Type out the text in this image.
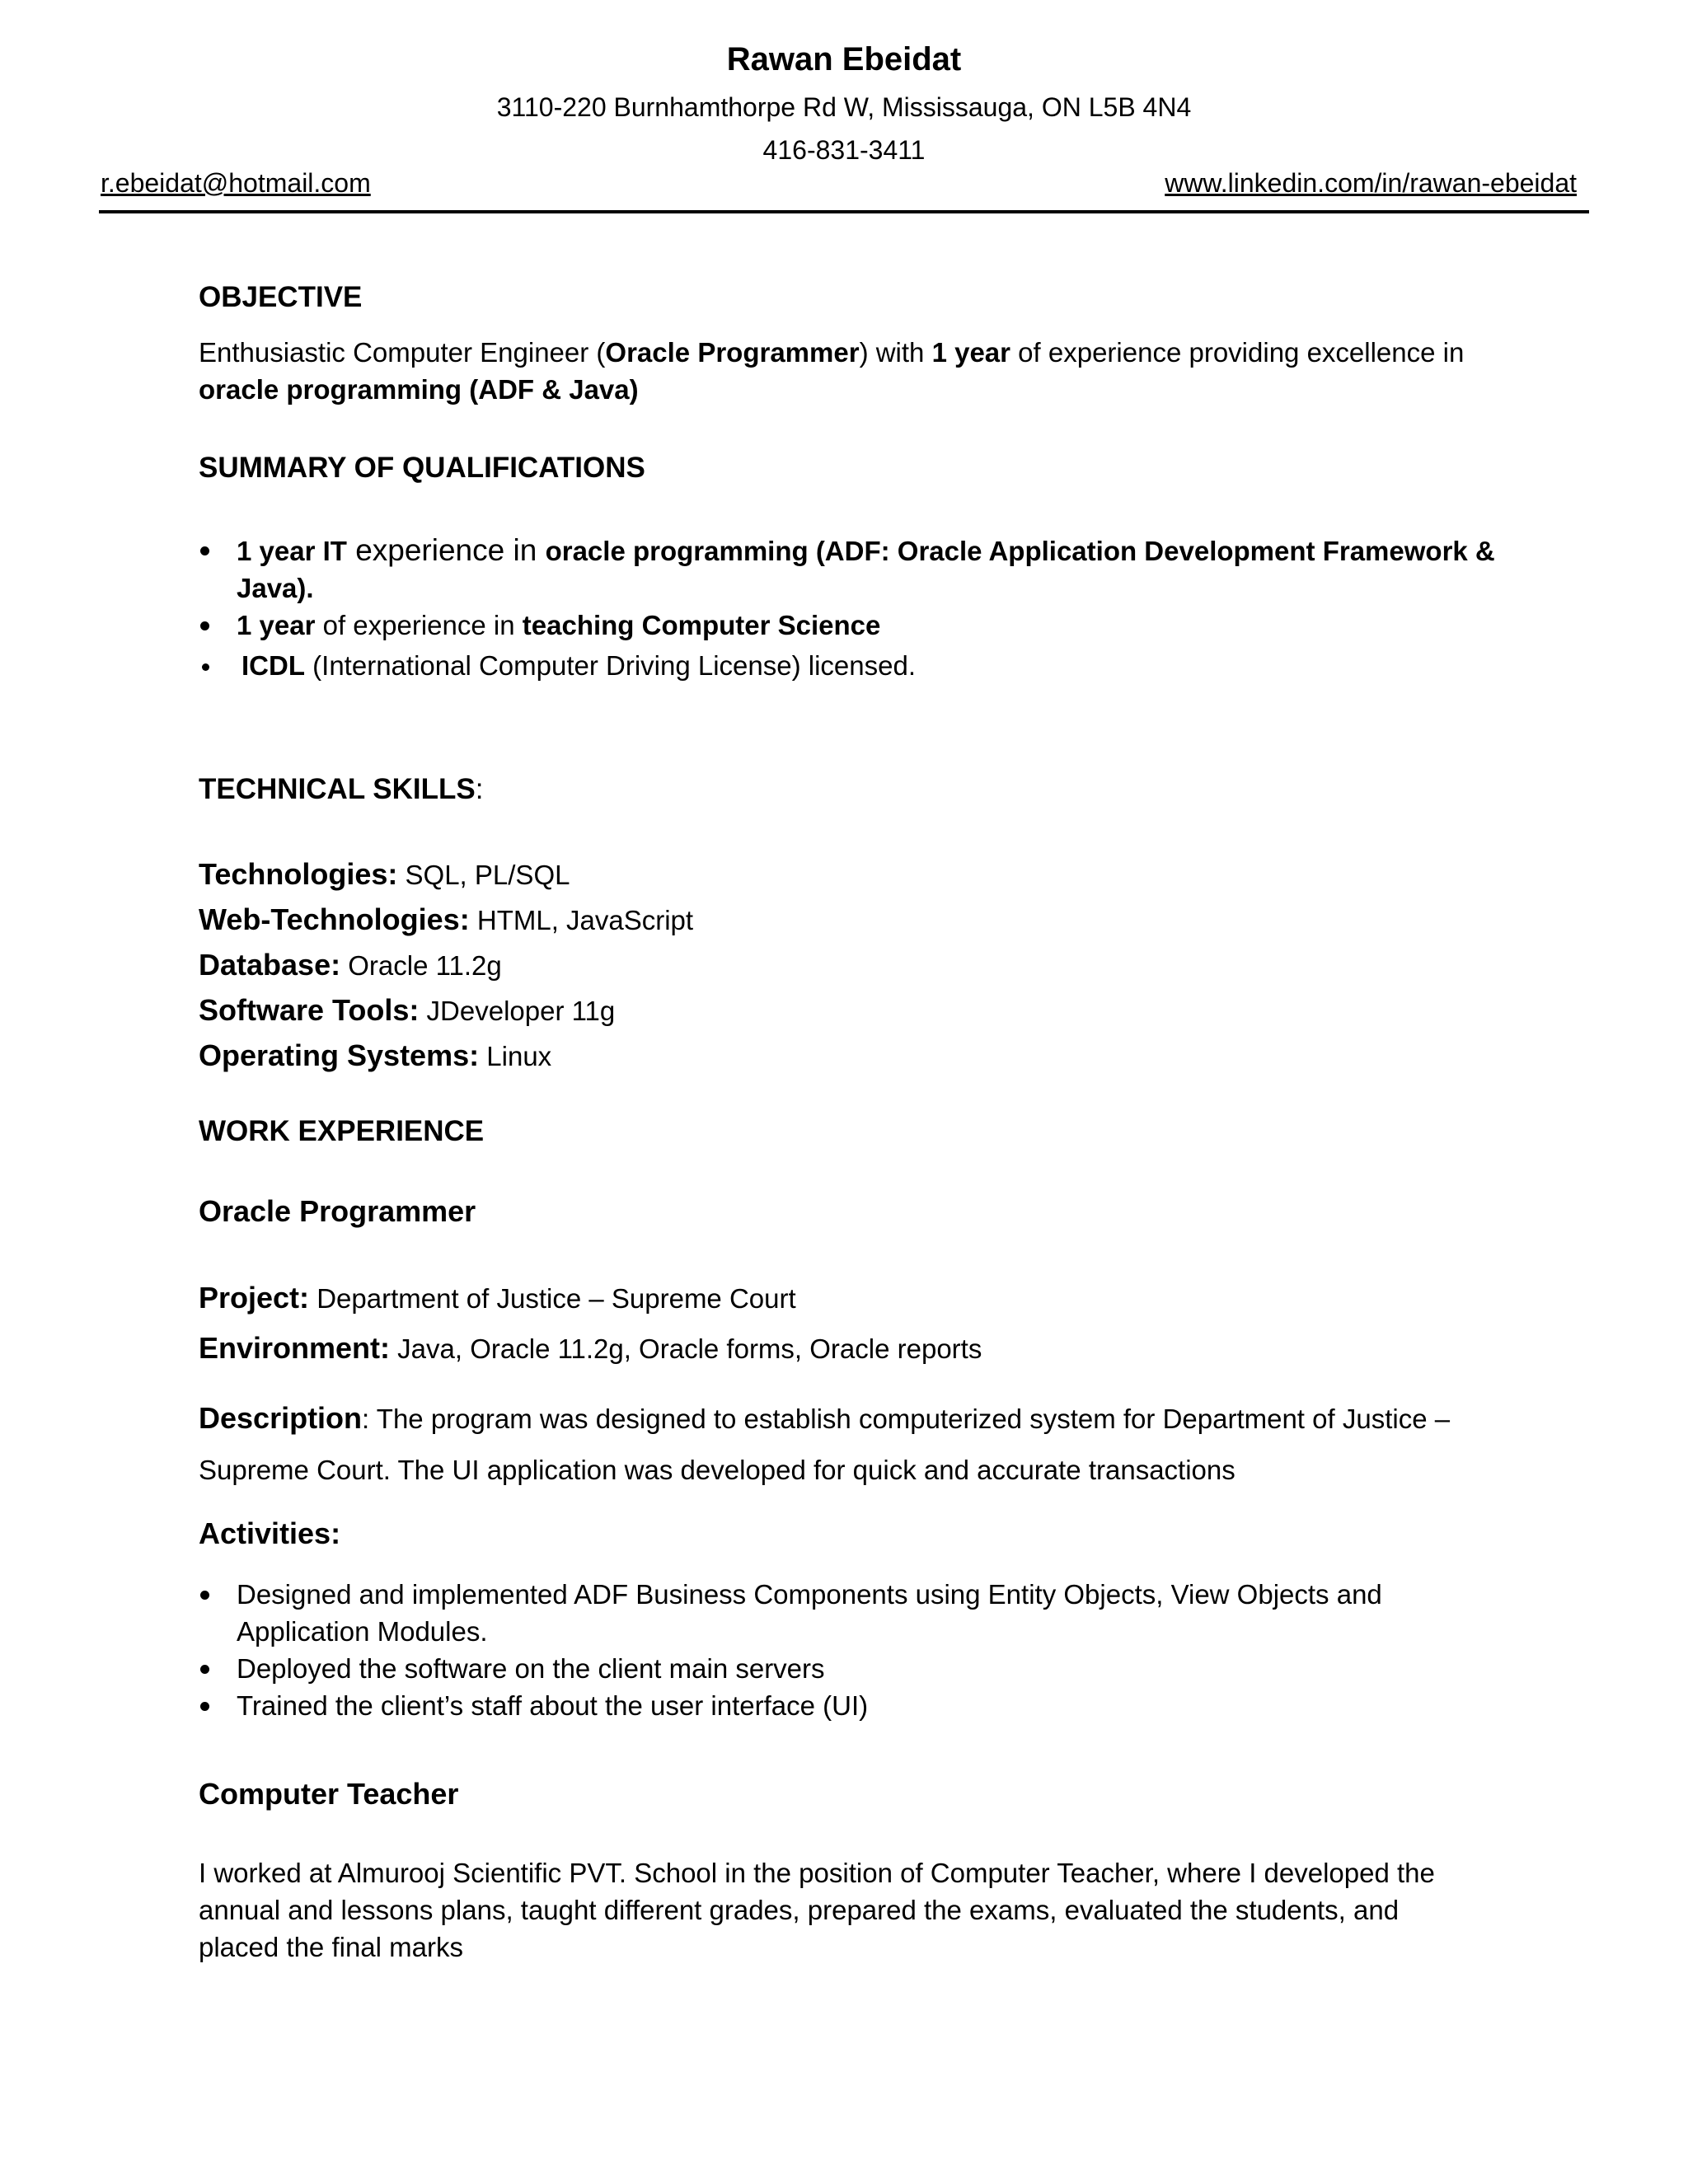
Rawan Ebeidat
3110-220 Burnhamthorpe Rd W, Mississauga, ON L5B 4N4
416-831-3411
r.ebeidat@hotmail.com	www.linkedin.com/in/rawan-ebeidat
OBJECTIVE
Enthusiastic Computer Engineer (Oracle Programmer) with 1 year of experience providing excellence in
oracle programming (ADF & Java)
SUMMARY OF QUALIFICATIONS
1 year IT experience in oracle programming (ADF: Oracle Application Development Framework &
Java).
1 year of experience in teaching Computer Science
ICDL (International Computer Driving License) licensed.
TECHNICAL SKILLS:
Technologies: SQL, PL/SQL
Web-Technologies: HTML, JavaScript
Database: Oracle 11.2g
Software Tools: JDeveloper 11g
Operating Systems: Linux
WORK EXPERIENCE
Oracle Programmer
Project: Department of Justice – Supreme Court
Environment: Java, Oracle 11.2g, Oracle forms, Oracle reports
Description: The program was designed to establish computerized system for Department of Justice –
Supreme Court. The UI application was developed for quick and accurate transactions
Activities:
Designed and implemented ADF Business Components using Entity Objects, View Objects and
Application Modules.
Deployed the software on the client main servers
Trained the client’s staff about the user interface (UI)
Computer Teacher
I worked at Almurooj Scientific PVT. School in the position of Computer Teacher, where I developed the
annual and lessons plans, taught different grades, prepared the exams, evaluated the students, and
placed the final marks
